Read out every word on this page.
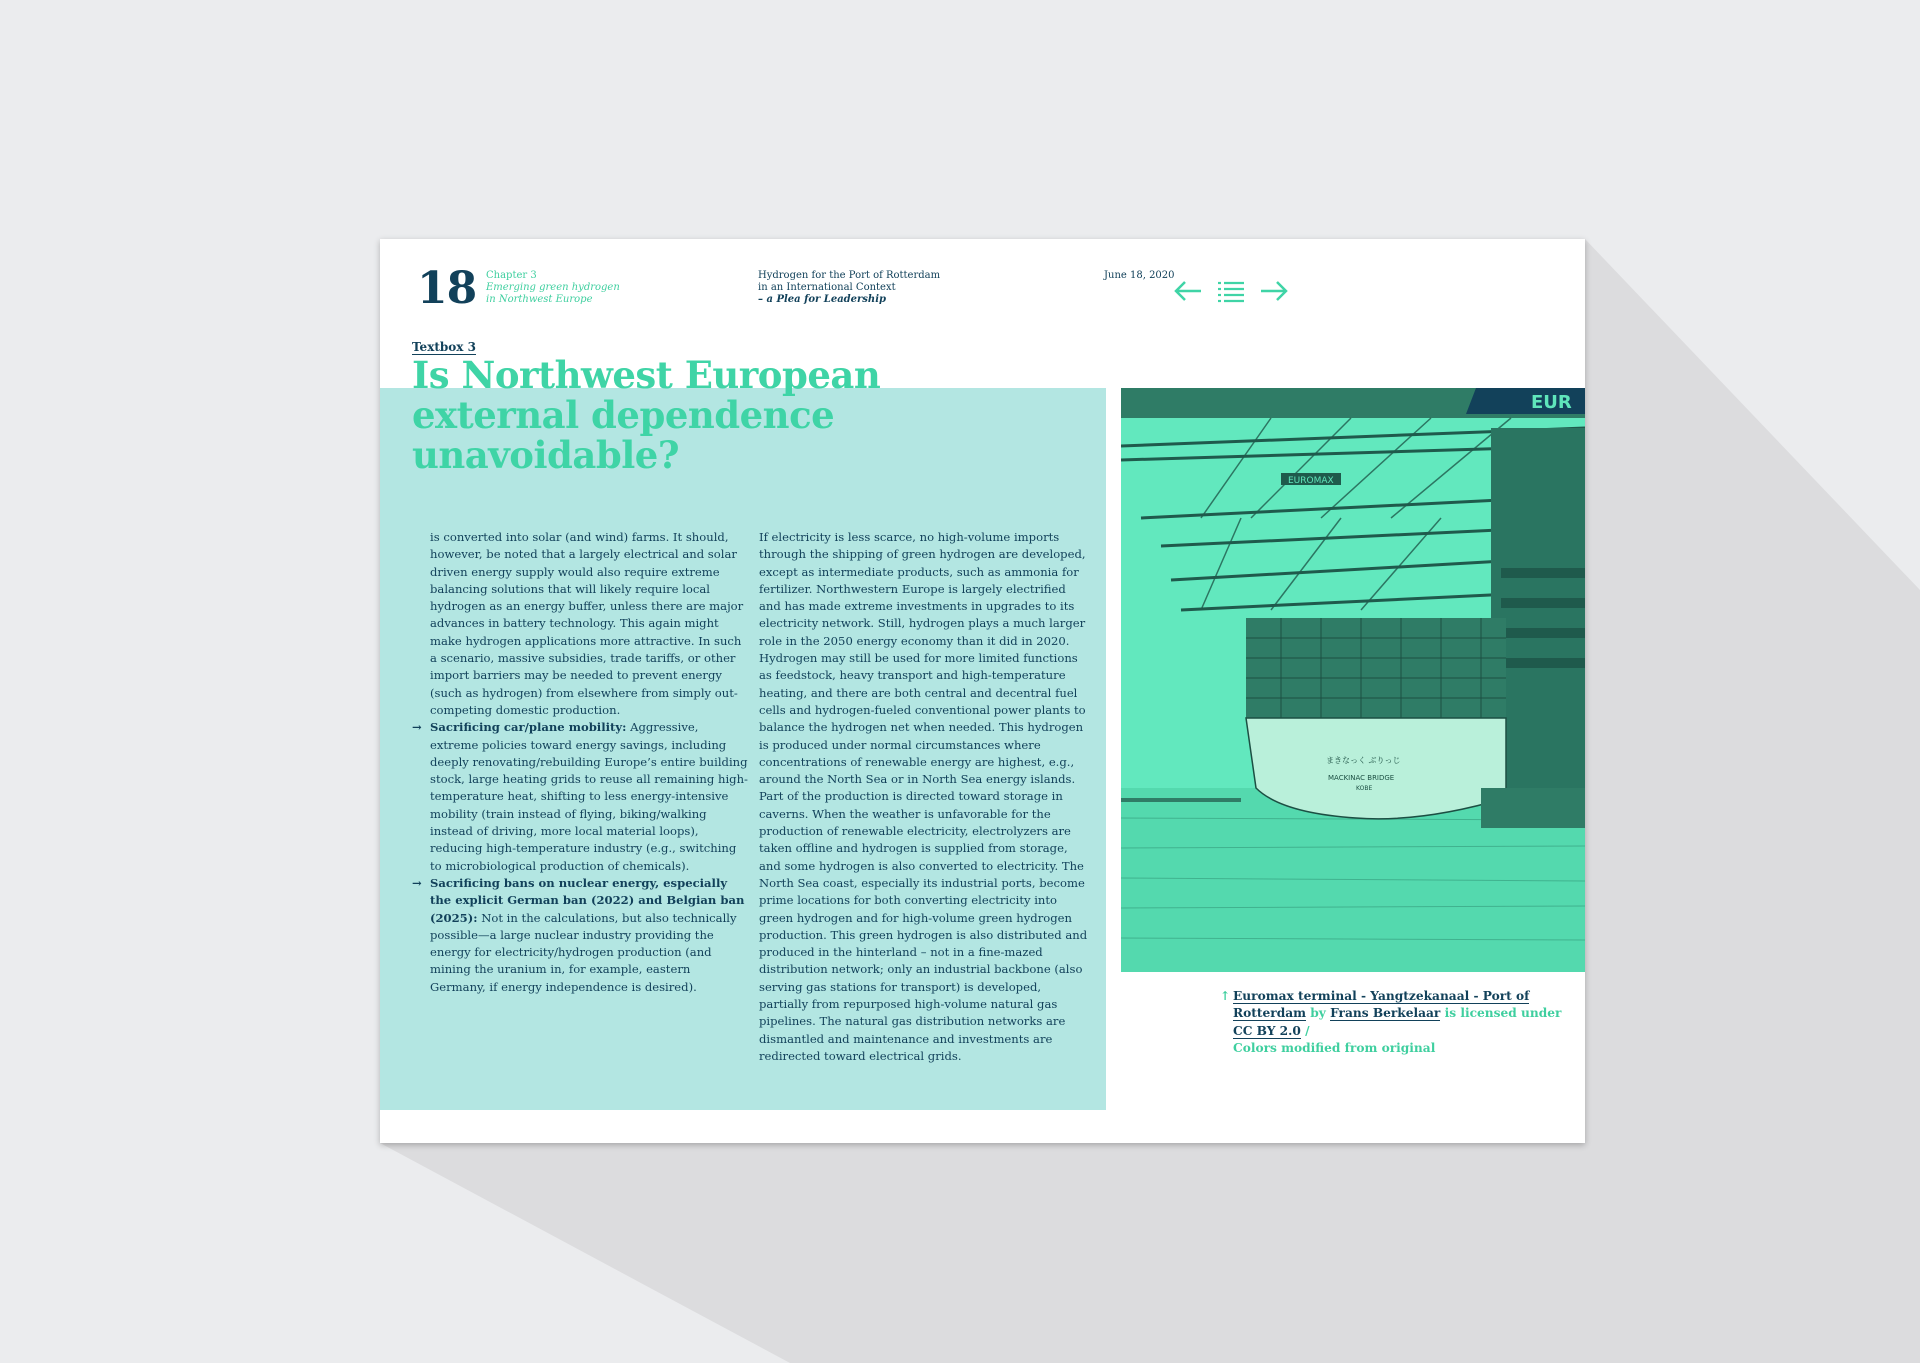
18 Chapter 3
Emerging green hydrogen
in Northwest Europe
Hydrogen for the Port of Rotterdam
in an International Context
– a Plea for Leadership
June 18, 2020
Textbox 3
Is Northwest European external dependence unavoidable?

is converted into solar (and wind) farms. It should, however, be noted that a largely electrical and solar driven energy supply would also require extreme balancing solutions that will likely require local hydrogen as an energy buffer, unless there are major advances in battery technology. This again might make hydrogen applications more attractive. In such a scenario, massive subsidies, trade tariffs, or other import barriers may be needed to prevent energy (such as hydrogen) from elsewhere from simply out-competing domestic production.

→ Sacrificing car/plane mobility: Aggressive, extreme policies toward energy savings, including deeply renovating/rebuilding Europe’s entire building stock, large heating grids to reuse all remaining high-temperature heat, shifting to less energy-intensive mobility (train instead of flying, biking/walking instead of driving, more local material loops), reducing high-temperature industry (e.g., switching to microbiological production of chemicals).

→ Sacrificing bans on nuclear energy, especially the explicit German ban (2022) and Belgian ban (2025): Not in the calculations, but also technically possible—a large nuclear industry providing the energy for electricity/hydrogen production (and mining the uranium in, for example, eastern Germany, if energy independence is desired).

If electricity is less scarce, no high-volume imports through the shipping of green hydrogen are developed, except as intermediate products, such as ammonia for fertilizer. Northwestern Europe is largely electrified and has made extreme investments in upgrades to its electricity network. Still, hydrogen plays a much larger role in the 2050 energy economy than it did in 2020. Hydrogen may still be used for more limited functions as feedstock, heavy transport and high-temperature heating, and there are both central and decentral fuel cells and hydrogen-fueled conventional power plants to balance the hydrogen net when needed. This hydrogen is produced under normal circumstances where concentrations of renewable energy are highest, e.g., around the North Sea or in North Sea energy islands. Part of the production is directed toward storage in caverns. When the weather is unfavorable for the production of renewable electricity, electrolyzers are taken offline and hydrogen is supplied from storage, and some hydrogen is also converted to electricity. The North Sea coast, especially its industrial ports, become prime locations for both converting electricity into green hydrogen and for high-volume green hydrogen production. This green hydrogen is also distributed and produced in the hinterland – not in a fine-mazed distribution network; only an industrial backbone (also serving gas stations for transport) is developed, partially from repurposed high-volume natural gas pipelines. The natural gas distribution networks are dismantled and maintenance and investments are redirected toward electrical grids.

EUR
EUROMAX
まきなっく ぶりっじ
MACKINAC BRIDGE
KOBE
↑ Euromax terminal - Yangtzekanaal - Port of Rotterdam by Frans Berkelaar is licensed under CC BY 2.0 /
Colors modified from original
